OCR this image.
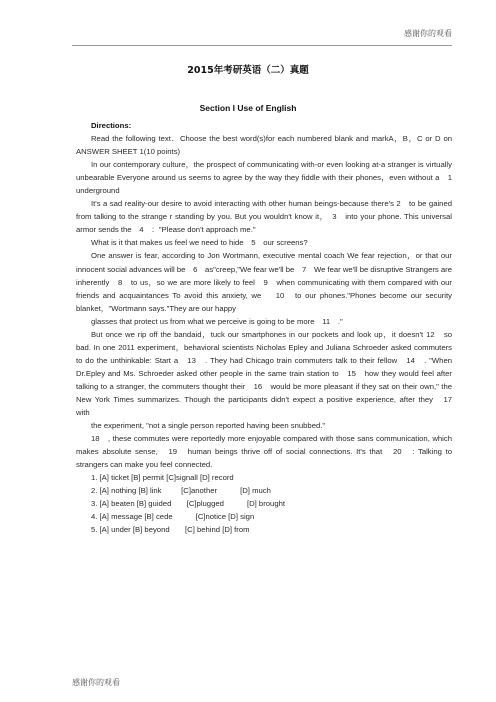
感谢你的观看
2015年考研英语（二）真题
Section I Use of English

Directions:

Read the following text．Choose the best word(s)for each numbered blank and markA，B，C or D on ANSWER SHEET 1(10 points)

In our contemporary culture，the prospect of communicating with-or even looking at-a stranger is virtually unbearable Everyone around us seems to agree by the way they fiddle with their phones，even without a　1　underground

It's a sad reality-our desire to avoid interacting with other human beings-because there's 2　to be gained from talking to the strange r standing by you. But you wouldn't know it，　3　into your phone. This universal armor sends the　4　："Please don't approach me."

What is it that makes us feel we need to hide　5　our screens?

One answer is fear, according to Jon Wortmann, executive mental coach We fear rejection，or that our innocent social advances will be　6　as"creep,"We fear we'll be　7　We fear we'll be disruptive Strangers are inherently　8　to us，so we are more likely to feel　9　when communicating with them compared with our friends and acquaintances To avoid this anxiety, we　 10　to our phones."Phones become our security blanket，"Wortmann says."They are our happy

glasses that protect us from what we perceive is going to be more　11　."

But once we rip off the bandaid，tuck our smartphones in our pockets and look up，it doesn't 12　so bad. In one 2011 experiment，behavioral scientists Nicholas Epley and Juliana Schroeder asked commuters to do the unthinkable: Start a　13　. They had Chicago train commuters talk to their fellow　14　. "When Dr.Epley and Ms. Schroeder asked other people in the same train station to　15　how they would feel after talking to a stranger, the commuters thought their　16　would be more pleasant if they sat on their own," the New York Times summarizes. Though the participants didn't expect a positive experience, after they　17　with

the experiment, "not a single person reported having been snubbed."

18　, these commutes were reportedly more enjoyable compared with those sans communication, which makes absolute sense,　19　human beings thrive off of social connections. It's that　20　: Talking to strangers can make you feel connected.

1. [A] ticket [B] permit [C]signall [D] record

2. [A] nothing [B] link　　  [C]another　　　[D] much

3. [A] beaten [B] guided　　[C]plugged　　　[D] brought

4. [A] message [B] cede　　　[C]notice [D] sign

5. [A] under [B] beyond　　[C] behind [D] from

感谢你的观看
